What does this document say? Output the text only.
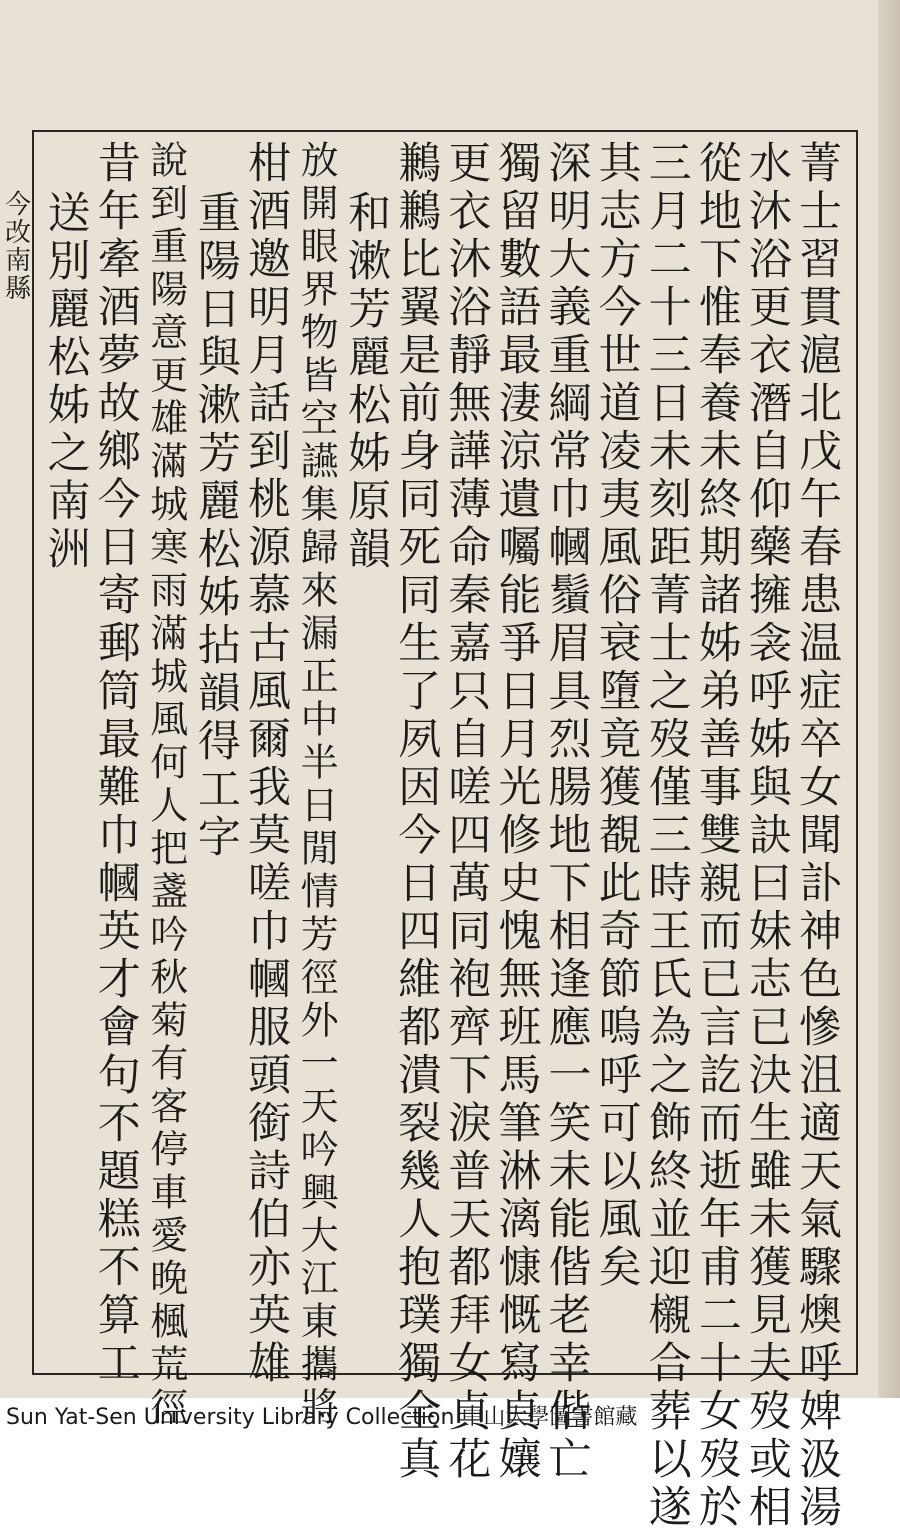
菁士習貫滬北戊午春患温症卒女聞訃神色慘沮適天氣驟燠呼婢汲湯
水沐浴更衣潛自仰藥擁衾呼姊與訣曰妹志已決生雖未獲見夫歿或相
從地下惟奉養未終期諸姊弟善事雙親而已言訖而逝年甫二十女歿於
三月二十三日未刻距菁士之歿僅三時王氏為之飾終並迎櫬合葬以遂
其志方今世道凌夷風俗衰墮竟獲覩此奇節嗚呼可以風矣
深明大義重綱常巾幗鬚眉具烈腸地下相逢應一笑未能偕老幸偕亡
獨留數語最淒涼遺囑能爭日月光修史愧無班馬筆淋漓慷慨寫貞孃
更衣沐浴靜無譁薄命秦嘉只自嗟四萬同袍齊下淚普天都拜女貞花
鶼鶼比翼是前身同死同生了夙因今日四維都潰裂幾人抱璞獨全真
和漱芳麗松姊原韻
放開眼界物皆空讌集歸來漏正中半日閒情芳徑外一天吟興大江東攜將
柑酒邀明月話到桃源慕古風爾我莫嗟巾幗服頭銜詩伯亦英雄
重陽日與漱芳麗松姊拈韻得工字
說到重陽意更雄滿城寒雨滿城風何人把盞吟秋菊有客停車愛晚楓荒徑
昔年牽酒夢故鄉今日寄郵筒最難巾幗英才會句不題糕不算工
送別麗松姊之南洲
今改南縣
Sun Yat-Sen University Library Collection 中山大學圖書館藏
